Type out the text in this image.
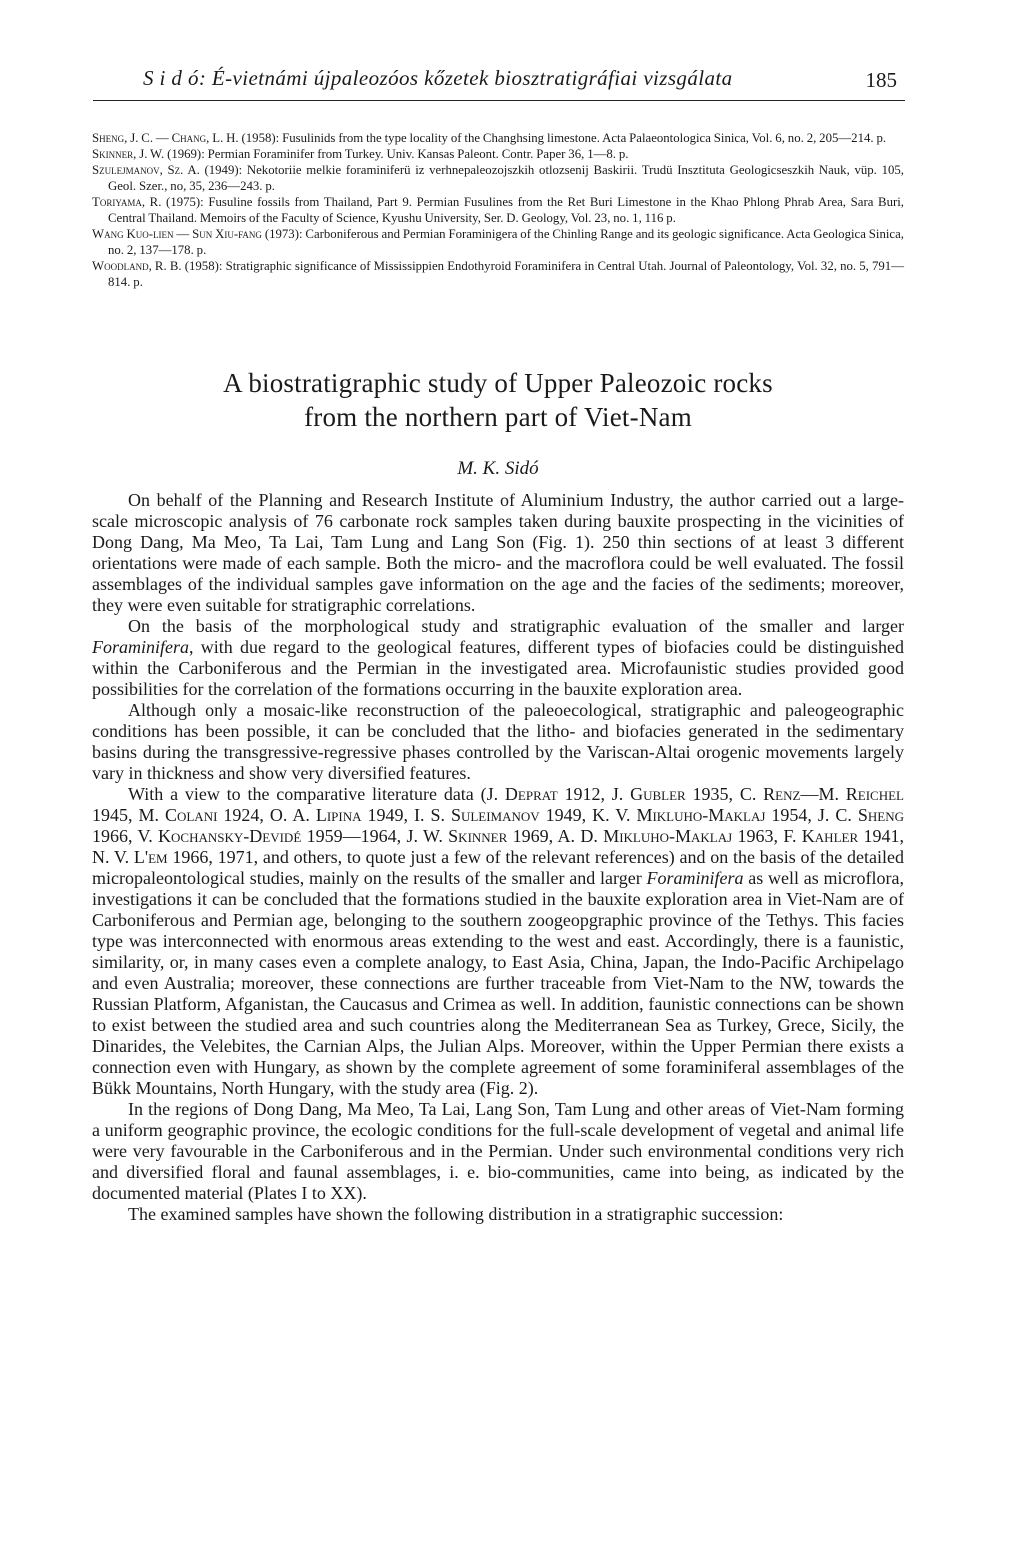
S i d ó: É-vietnámi újpaleozóos kőzetek biosztratigráfiai vizsgálata	185
Sheng, J. C. — Chang, L. H. (1958): Fusulinids from the type locality of the Changhsing limestone. Acta Palaeontologica Sinica, Vol. 6, no. 2, 205—214. p.
Skinner, J. W. (1969): Permian Foraminifer from Turkey. Univ. Kansas Paleont. Contr. Paper 36, 1—8. p.
Szulejmanov, Sz. A. (1949): Nekotoriie melkie foraminiferü iz verhnepaleozojszkih otlozsenij Baskirii. Trudü Insztituta Geologicseszkih Nauk, vüp. 105, Geol. Szer., no, 35, 236—243. p.
Toriyama, R. (1975): Fusuline fossils from Thailand, Part 9. Permian Fusulines from the Ret Buri Limestone in the Khao Phlong Phrab Area, Sara Buri, Central Thailand. Memoirs of the Faculty of Science, Kyushu University, Ser. D. Geology, Vol. 23, no. 1, 116 p.
Wang Kuo-lien — Sun Xiu-fang (1973): Carboniferous and Permian Foraminigera of the Chinling Range and its geologic significance. Acta Geologica Sinica, no. 2, 137—178. p.
Woodland, R. B. (1958): Stratigraphic significance of Mississippien Endothyroid Foraminifera in Central Utah. Journal of Paleontology, Vol. 32, no. 5, 791—814. p.
A biostratigraphic study of Upper Paleozoic rocks
from the northern part of Viet-Nam
M. K. Sidó

On behalf of the Planning and Research Institute of Aluminium Industry, the author carried out a large-scale microscopic analysis of 76 carbonate rock samples taken during bauxite prospecting in the vicinities of Dong Dang, Ma Meo, Ta Lai, Tam Lung and Lang Son (Fig. 1). 250 thin sections of at least 3 different orientations were made of each sample. Both the micro- and the macroflora could be well evaluated. The fossil assemblages of the individual samples gave information on the age and the facies of the sediments; moreover, they were even suitable for stratigraphic correlations.

On the basis of the morphological study and stratigraphic evaluation of the smaller and larger Foraminifera, with due regard to the geological features, different types of biofacies could be distinguished within the Carboniferous and the Permian in the investigated area. Microfaunistic studies provided good possibilities for the correlation of the formations occurring in the bauxite exploration area.

Although only a mosaic-like reconstruction of the paleoecological, stratigraphic and paleogeographic conditions has been possible, it can be concluded that the litho- and biofacies generated in the sedimentary basins during the transgressive-regressive phases controlled by the Variscan-Altai orogenic movements largely vary in thickness and show very diversified features.

With a view to the comparative literature data (J. Deprat 1912, J. Gubler 1935, C. Renz—M. Reichel 1945, M. Colani 1924, O. A. Lipina 1949, I. S. Suleimanov 1949, K. V. Mikluho-Maklaj 1954, J. C. Sheng 1966, V. Kochansky-Devidé 1959—1964, J. W. Skinner 1969, A. D. Mikluho-Maklaj 1963, F. Kahler 1941, N. V. L'em 1966, 1971, and others, to quote just a few of the relevant references) and on the basis of the detailed micropaleontological studies, mainly on the results of the smaller and larger Foraminifera as well as microflora, investigations it can be concluded that the formations studied in the bauxite exploration area in Viet-Nam are of Carboniferous and Permian age, belonging to the southern zoogeopgraphic province of the Tethys. This facies type was interconnected with enormous areas extending to the west and east. Accordingly, there is a faunistic, similarity, or, in many cases even a complete analogy, to East Asia, China, Japan, the Indo-Pacific Archipelago and even Australia; moreover, these connections are further traceable from Viet-Nam to the NW, towards the Russian Platform, Afganistan, the Caucasus and Crimea as well. In addition, faunistic connections can be shown to exist between the studied area and such countries along the Mediterranean Sea as Turkey, Grece, Sicily, the Dinarides, the Velebites, the Carnian Alps, the Julian Alps. Moreover, within the Upper Permian there exists a connection even with Hungary, as shown by the complete agreement of some foraminiferal assemblages of the Bükk Mountains, North Hungary, with the study area (Fig. 2).

In the regions of Dong Dang, Ma Meo, Ta Lai, Lang Son, Tam Lung and other areas of Viet-Nam forming a uniform geographic province, the ecologic conditions for the full-scale development of vegetal and animal life were very favourable in the Carboniferous and in the Permian. Under such environmental conditions very rich and diversified floral and faunal assemblages, i. e. bio-communities, came into being, as indicated by the documented material (Plates I to XX).

The examined samples have shown the following distribution in a stratigraphic succession:
